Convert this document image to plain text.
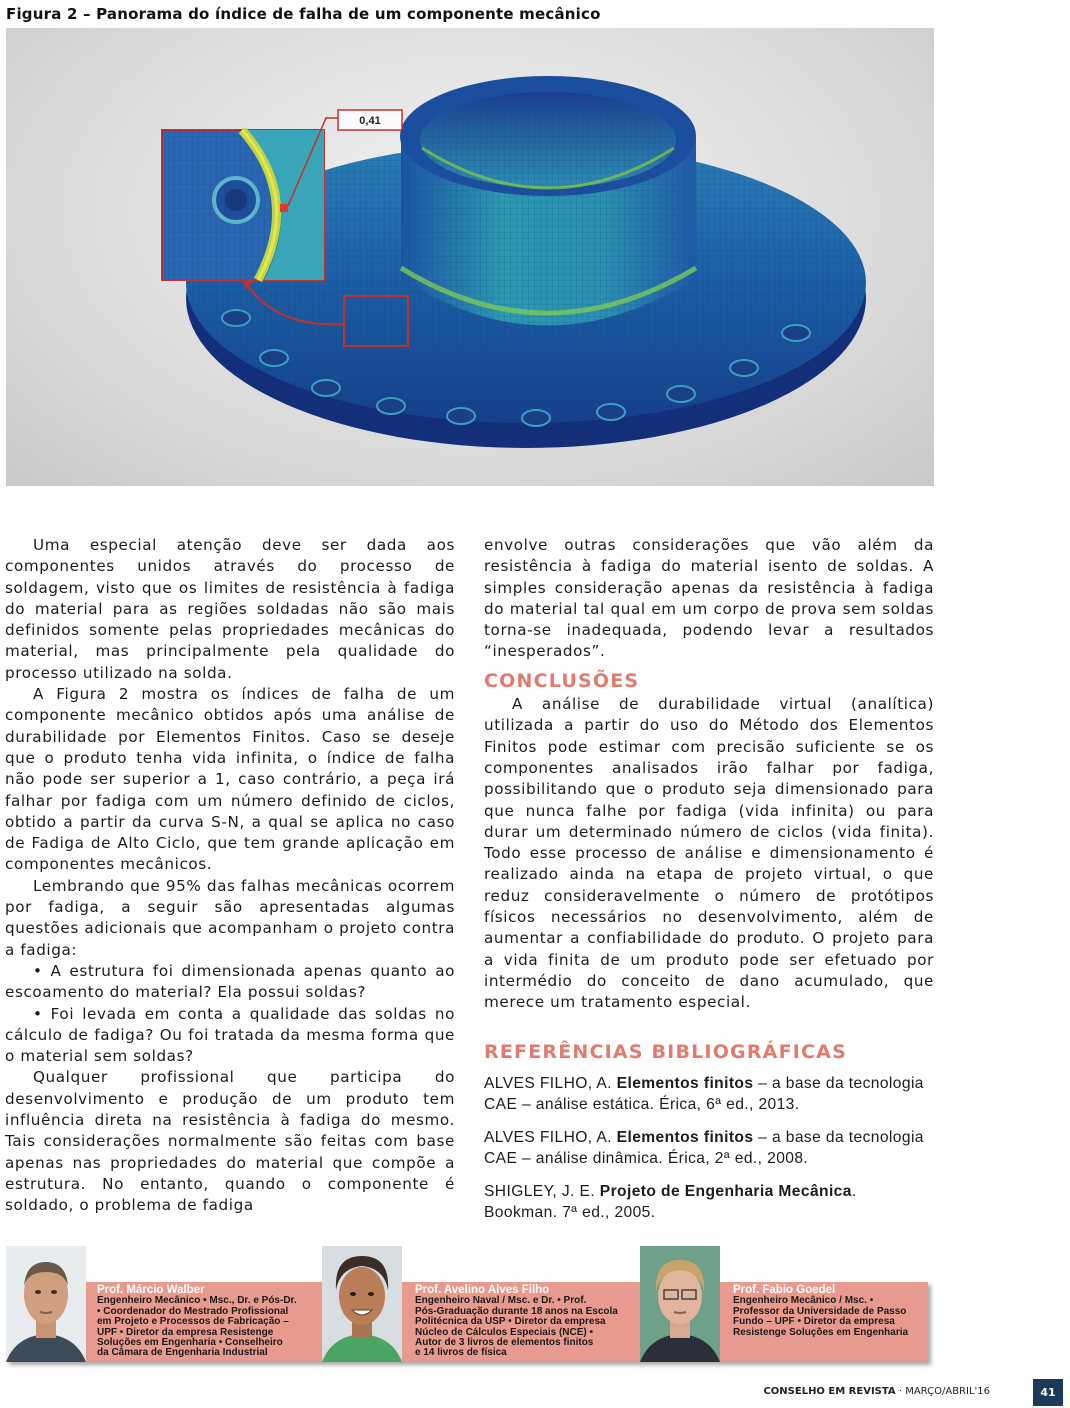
Figura 2 – Panorama do índice de falha de um componente mecânico
0,41

Uma especial atenção deve ser dada aos componentes unidos através do processo de soldagem, visto que os limites de resistência à fadiga do material para as regiões soldadas não são mais definidos somente pelas propriedades mecânicas do material, mas principalmente pela qualidade do processo utilizado na solda.

A Figura 2 mostra os índices de falha de um componente mecânico obtidos após uma análise de durabilidade por Elementos Finitos. Caso se deseje que o produto tenha vida infinita, o índice de falha não pode ser superior a 1, caso contrário, a peça irá falhar por fadiga com um número definido de ciclos, obtido a partir da curva S-N, a qual se aplica no caso de Fadiga de Alto Ciclo, que tem grande aplicação em componentes mecânicos.

Lembrando que 95% das falhas mecânicas ocorrem por fadiga, a seguir são apresentadas algumas questões adicionais que acompanham o projeto contra a fadiga:

• A estrutura foi dimensionada apenas quanto ao escoamento do material? Ela possui soldas?

• Foi levada em conta a qualidade das soldas no cálculo de fadiga? Ou foi tratada da mesma forma que o material sem soldas?

Qualquer profissional que participa do desenvolvimento e produção de um produto tem influência direta na resistência à fadiga do mesmo. Tais considerações normalmente são feitas com base apenas nas propriedades do material que compõe a estrutura. No entanto, quando o componente é soldado, o problema de fadiga

envolve outras considerações que vão além da resistência à fadiga do material isento de soldas. A simples consideração apenas da resistência à fadiga do material tal qual em um corpo de prova sem soldas torna-se inadequada, podendo levar a resultados “inesperados”.

CONCLUSÕES

A análise de durabilidade virtual (analítica) utilizada a partir do uso do Método dos Elementos Finitos pode estimar com precisão suficiente se os componentes analisados irão falhar por fadiga, possibilitando que o produto seja dimensionado para que nunca falhe por fadiga (vida infinita) ou para durar um determinado número de ciclos (vida finita). Todo esse processo de análise e dimensionamento é realizado ainda na etapa de projeto virtual, o que reduz consideravelmente o número de protótipos físicos necessários no desenvolvimento, além de aumentar a confiabilidade do produto. O projeto para a vida finita de um produto pode ser efetuado por intermédio do conceito de dano acumulado, que merece um tratamento especial.

REFERÊNCIAS BIBLIOGRÁFICAS

ALVES FILHO, A. Elementos finitos – a base da tecnologia CAE – análise estática. Érica, 6ª ed., 2013.

ALVES FILHO, A. Elementos finitos – a base da tecnologia CAE – análise dinâmica. Érica, 2ª ed., 2008.

SHIGLEY, J. E. Projeto de Engenharia Mecânica. Bookman. 7ª ed., 2005.

Prof. Márcio Walber
Engenheiro Mecânico • Msc., Dr. e Pós-Dr.
• Coordenador do Mestrado Profissional
em Projeto e Processos de Fabricação –
UPF • Diretor da empresa Resistenge
Soluções em Engenharia • Conselheiro
da Câmara de Engenharia Industrial
Prof. Avelino Alves Filho
Engenheiro Naval / Msc. e Dr. • Prof.
Pós-Graduação durante 18 anos na Escola
Politécnica da USP • Diretor da empresa
Núcleo de Cálculos Especiais (NCE) •
Autor de 3 livros de elementos finitos
e 14 livros de física
Prof. Fabio Goedel
Engenheiro Mecânico / Msc. •
Professor da Universidade de Passo
Fundo – UPF • Diretor da empresa
Resistenge Soluções em Engenharia
CONSELHO EM REVISTA · MARÇO/ABRIL'16	41
